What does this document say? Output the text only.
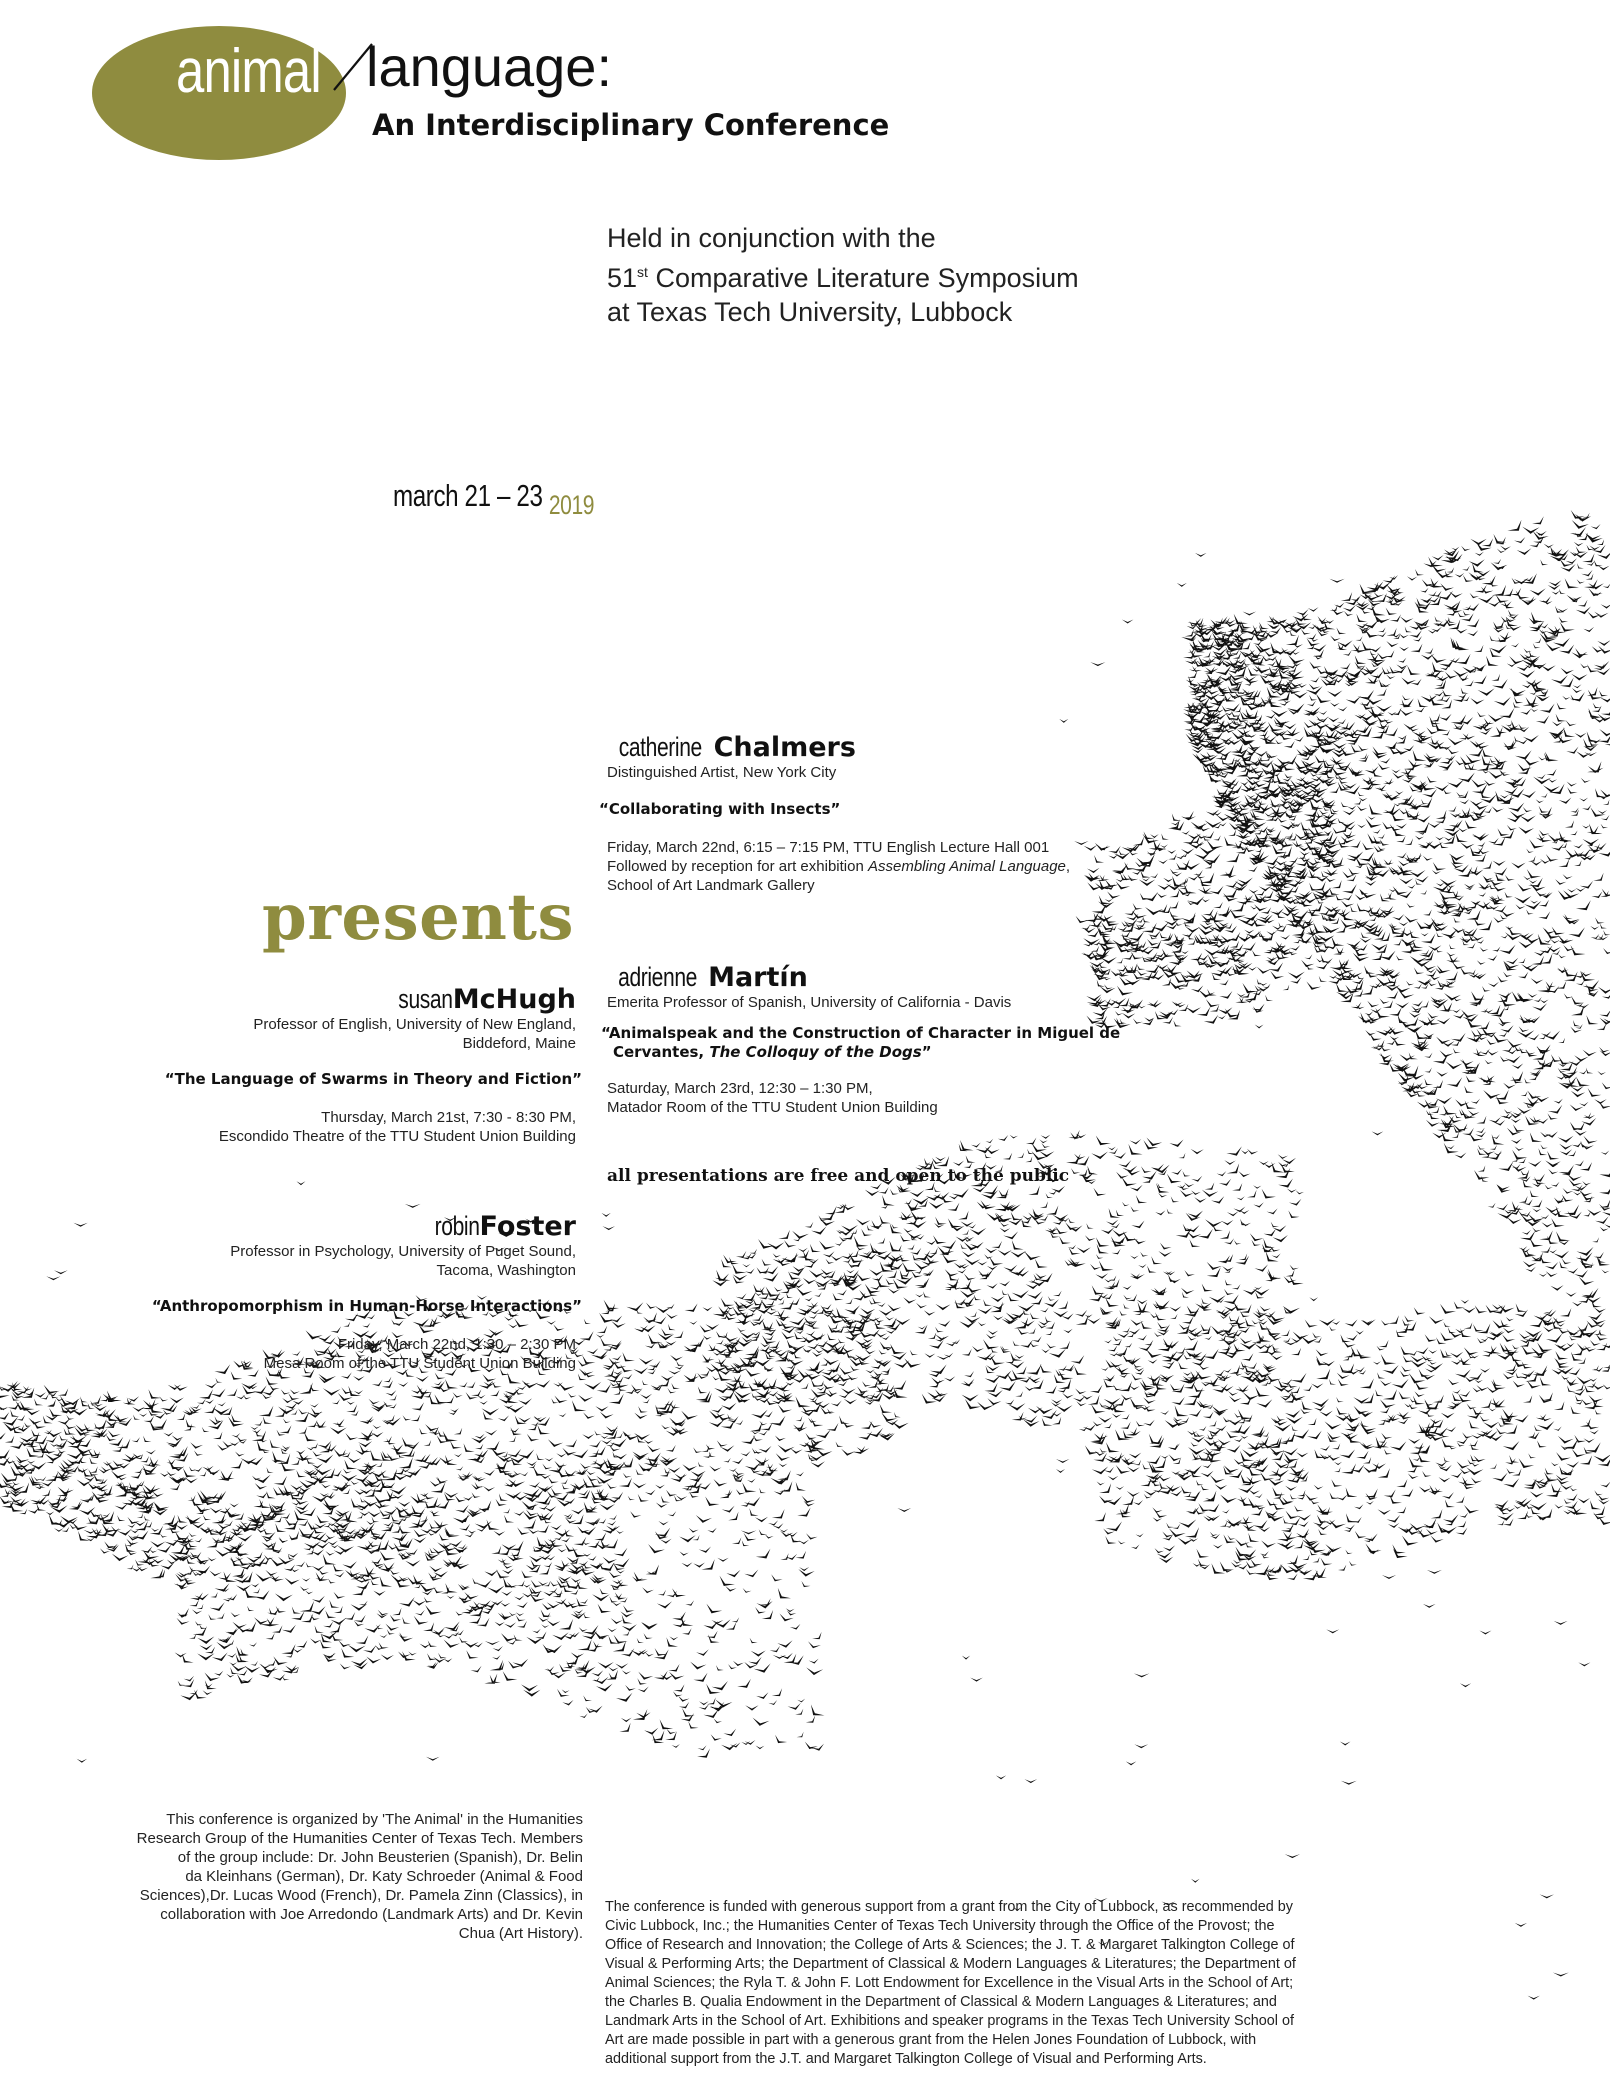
animal language:
An Interdisciplinary Conference
Held in conjunction with the
51st Comparative Literature Symposium
at Texas Tech University, Lubbock
march 21 – 23 2019
presents
catherine Chalmers
Distinguished Artist, New York City
“Collaborating with Insects”
Friday, March 22nd, 6:15 – 7:15 PM, TTU English Lecture Hall 001
Followed by reception for art exhibition Assembling Animal Language,
School of Art Landmark Gallery
adrienne Martín
Emerita Professor of Spanish, University of California - Davis
“Animalspeak and the Construction of Character in Miguel de
Cervantes, The Colloquy of the Dogs”
Saturday, March 23rd, 12:30 – 1:30 PM,
Matador Room of the TTU Student Union Building
susanMcHugh
Professor of English, University of New England,
Biddeford, Maine
“The Language of Swarms in Theory and Fiction”
Thursday, March 21st, 7:30 - 8:30 PM,
Escondido Theatre of the TTU Student Union Building
all presentations are free and open to the public
robinFoster
Professor in Psychology, University of Puget Sound,
Tacoma, Washington
“Anthropomorphism in Human-Horse Interactions”
Friday, March 22nd, 1:30 – 2:30 PM
Mesa Room of the TTU Student Union Building
This conference is organized by 'The Animal' in the Humanities
Research Group of the Humanities Center of Texas Tech. Members
of the group include: Dr. John Beusterien (Spanish), Dr. Belin
da Kleinhans (German), Dr. Katy Schroeder (Animal & Food
Sciences),Dr. Lucas Wood (French), Dr. Pamela Zinn (Classics), in
collaboration with Joe Arredondo (Landmark Arts) and Dr. Kevin
Chua (Art History).
The conference is funded with generous support from a grant from the City of Lubbock, as recommended by
Civic Lubbock, Inc.; the Humanities Center of Texas Tech University through the Office of the Provost; the
Office of Research and Innovation; the College of Arts & Sciences; the J. T. & Margaret Talkington College of
Visual & Performing Arts; the Department of Classical & Modern Languages & Literatures; the Department of
Animal Sciences; the Ryla T. & John F. Lott Endowment for Excellence in the Visual Arts in the School of Art;
the Charles B. Qualia Endowment in the Department of Classical & Modern Languages & Literatures; and
Landmark Arts in the School of Art. Exhibitions and speaker programs in the Texas Tech University School of
Art are made possible in part with a generous grant from the Helen Jones Foundation of Lubbock, with
additional support from the J.T. and Margaret Talkington College of Visual and Performing Arts.
